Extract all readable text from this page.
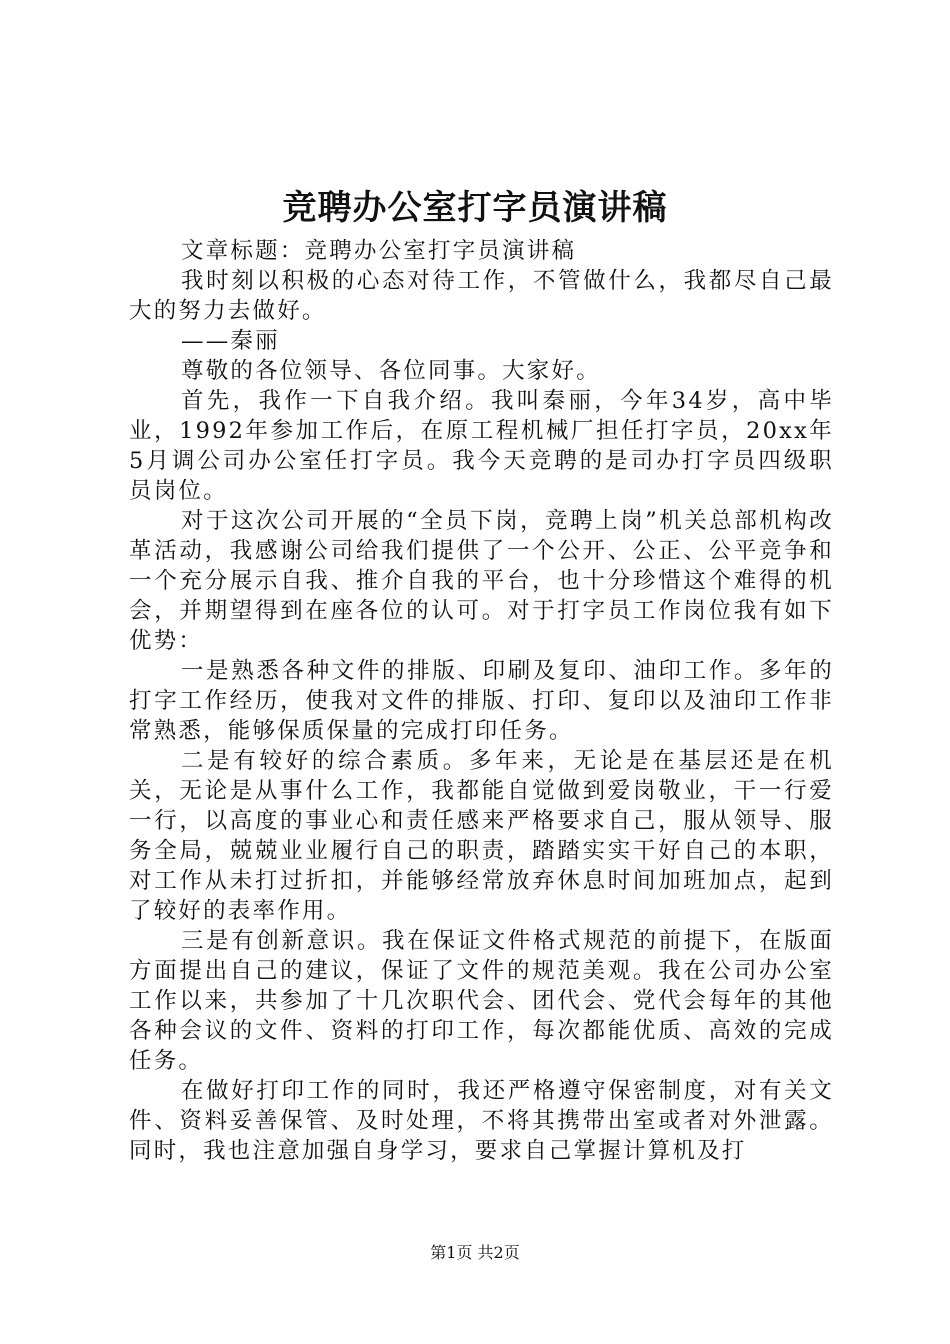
竞聘办公室打字员演讲稿

文章标题：竞聘办公室打字员演讲稿

我时刻以积极的心态对待工作，不管做什么，我都尽自己最大的努力去做好。

——秦丽

尊敬的各位领导、各位同事。大家好。

首先，我作一下自我介绍。我叫秦丽，今年34岁，高中毕业，1992年参加工作后，在原工程机械厂担任打字员，20xx年5月调公司办公室任打字员。我今天竞聘的是司办打字员四级职员岗位。

对于这次公司开展的“全员下岗，竞聘上岗”机关总部机构改革活动，我感谢公司给我们提供了一个公开、公正、公平竞争和一个充分展示自我、推介自我的平台，也十分珍惜这个难得的机会，并期望得到在座各位的认可。对于打字员工作岗位我有如下优势：

一是熟悉各种文件的排版、印刷及复印、油印工作。多年的打字工作经历，使我对文件的排版、打印、复印以及油印工作非常熟悉，能够保质保量的完成打印任务。

二是有较好的综合素质。多年来，无论是在基层还是在机关，无论是从事什么工作，我都能自觉做到爱岗敬业，干一行爱一行，以高度的事业心和责任感来严格要求自己，服从领导、服务全局，兢兢业业履行自己的职责，踏踏实实干好自己的本职，对工作从未打过折扣，并能够经常放弃休息时间加班加点，起到了较好的表率作用。

三是有创新意识。我在保证文件格式规范的前提下，在版面方面提出自己的建议，保证了文件的规范美观。我在公司办公室工作以来，共参加了十几次职代会、团代会、党代会每年的其他各种会议的文件、资料的打印工作，每次都能优质、高效的完成任务。

在做好打印工作的同时，我还严格遵守保密制度，对有关文件、资料妥善保管、及时处理，不将其携带出室或者对外泄露。同时，我也注意加强自身学习，要求自己掌握计算机及打

第1页 共2页
